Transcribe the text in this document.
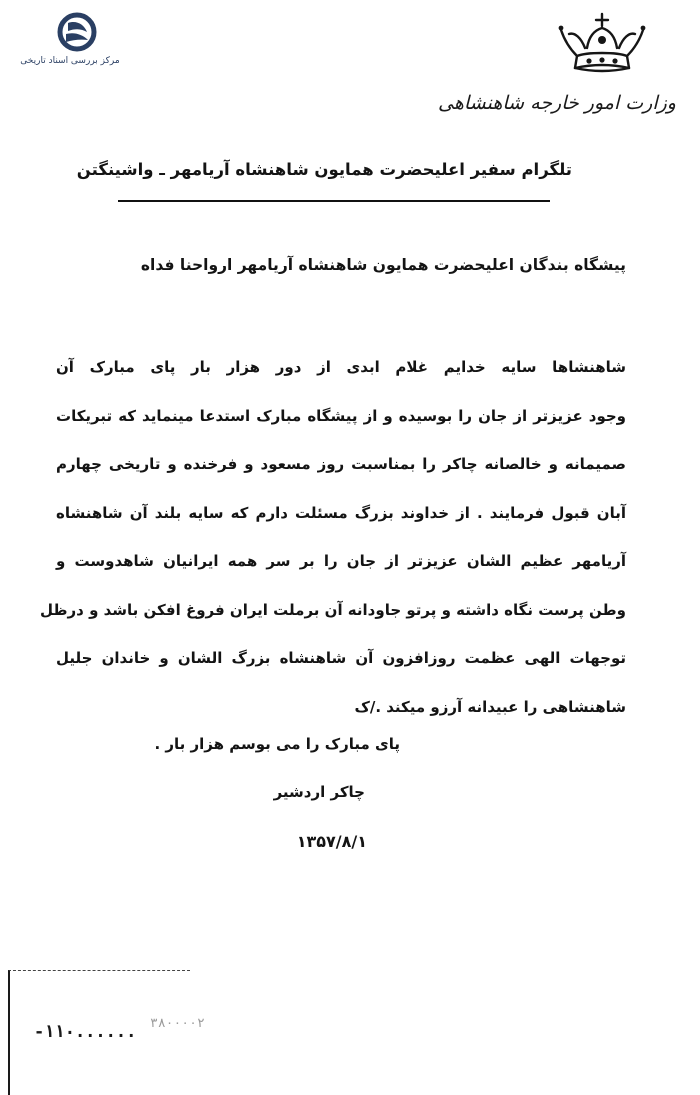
مرکز بررسی اسناد تاریخی
وزارت امور خارجه شاهنشاهی
تلگرام سفیر اعلیحضرت همایون شاهنشاه آریامهر ـ واشینگتن
پیشگاه بندگان اعلیحضرت همایون شاهنشاه آریامهر ارواحنا فداه
شاهنشاها سایه خدایم غلام ابدی از دور هزار بار پای مبارک آن
وجود عزیزتر از جان را بوسیده و از پیشگاه مبارک استدعا مینماید که تبریکات
صمیمانه و خالصانه چاکر را بمناسبت روز مسعود و فرخنده و تاریخی چهارم
آبان قبول فرمایند . از خداوند بزرگ مسئلت دارم که سایه بلند آن شاهنشاه
آریامهر عظیم الشان عزیزتر از جان را بر سر همه ایرانیان شاهدوست و
وطن پرست نگاه داشته و پرتو جاودانه آن برملت ایران فروغ افکن باشد و درظل
توجهات الهی عظمت روزافزون آن شاهنشاه بزرگ الشان و خاندان جلیل
شاهنشاهی را عبیدانه آرزو میکند ./ک
پای مبارک را می بوسم هزار بار .
چاکر اردشیر
۱۳۵۷/۸/۱
-۱۱۰...... ۳۸۰۰۰۰۲
